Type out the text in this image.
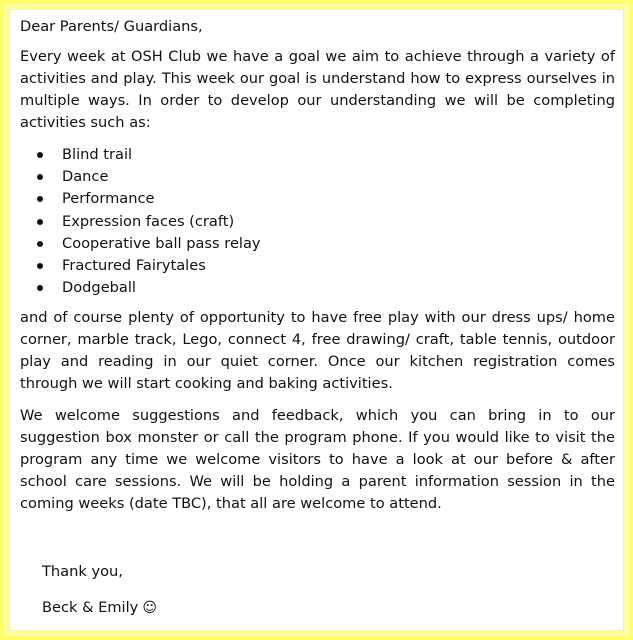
Dear Parents/ Guardians,

Every week at OSH Club we have a goal we aim to achieve through a variety of activities and play. This week our goal is understand how to express ourselves in multiple ways. In order to develop our understanding we will be completing activities such as:

Blind trail
Dance
Performance
Expression faces (craft)
Cooperative ball pass relay
Fractured Fairytales
Dodgeball

and of course plenty of opportunity to have free play with our dress ups/ home corner, marble track, Lego, connect 4, free drawing/ craft, table tennis, outdoor play and reading in our quiet corner. Once our kitchen registration comes through we will start cooking and baking activities.

We welcome suggestions and feedback, which you can bring in to our suggestion box monster or call the program phone. If you would like to visit the program any time we welcome visitors to have a look at our before & after school care sessions. We will be holding a parent information session in the coming weeks (date TBC), that all are welcome to attend.

Thank you,

Beck & Emily ☺
